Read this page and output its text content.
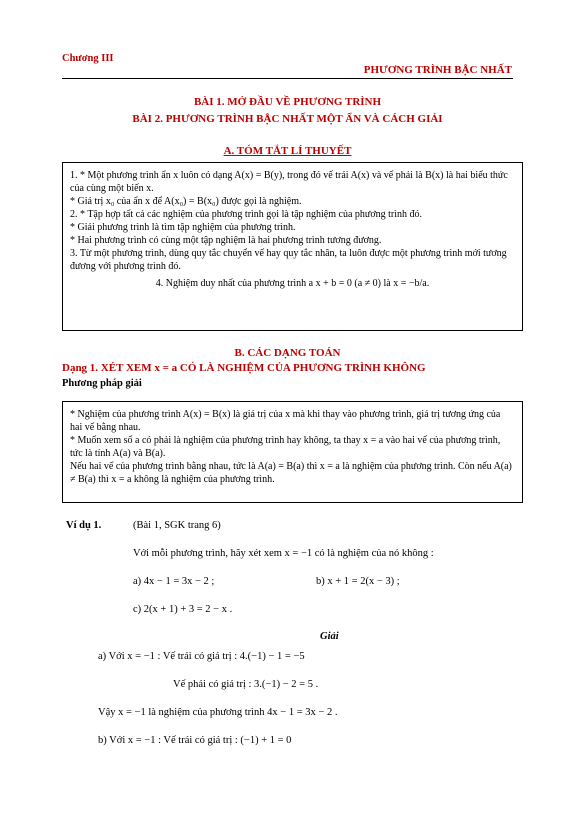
Chương III
PHƯƠNG TRÌNH BẬC NHẤT
BÀI 1. MỞ ĐẦU VỀ PHƯƠNG TRÌNH
BÀI 2. PHƯƠNG TRÌNH BẬC NHẤT MỘT ẨN VÀ CÁCH GIẢI
A. TÓM TẮT LÍ THUYẾT

1. * Một phương trình ẩn x luôn có dạng A(x) = B(y), trong đó vế trái A(x) và vế phải là B(x) là hai biểu thức của cùng một biến x.

* Giá trị x₀ của ẩn x để A(x₀) = B(x₀) được gọi là nghiệm.

2. * Tập hợp tất cả các nghiệm của phương trình gọi là tập nghiệm của phương trình đó.

* Giải phương trình là tìm tập nghiệm của phương trình.

* Hai phương trình có cùng một tập nghiệm là hai phương trình tương đương.

3. Từ một phương trình, dùng quy tắc chuyển vế hay quy tắc nhân, ta luôn được một phương trình mới tương đương với phương trình đó.

4. Nghiệm duy nhất của phương trình a x + b = 0 (a ≠ 0) là x = −b/a.

B. CÁC DẠNG TOÁN
Dạng 1. XÉT XEM x = a CÓ LÀ NGHIỆM CỦA PHƯƠNG TRÌNH KHÔNG
Phương pháp giải

* Nghiệm của phương trình A(x) = B(x) là giá trị của x mà khi thay vào phương trình, giá trị tương ứng của hai vế bằng nhau.

* Muốn xem số a có phải là nghiệm của phương trình hay không, ta thay x = a vào hai vế của phương trình, tức là tính A(a) và B(a).

Nếu hai vế của phương trình bằng nhau, tức là A(a) = B(a) thì x = a là nghiệm của phương trình. Còn nếu A(a) ≠ B(a) thì x = a không là nghiệm của phương trình.

Ví dụ 1.	(Bài 1, SGK trang 6)
Với mỗi phương trình, hãy xét xem x = −1 có là nghiệm của nó không :
a) 4x − 1 = 3x − 2 ;	b) x + 1 = 2(x − 3) ;
c) 2(x + 1) + 3 = 2 − x .
Giải
a) Với x = −1 : Vế trái có giá trị : 4.(−1) − 1 = −5
Vế phải có giá trị : 3.(−1) − 2 = 5 .
Vậy x = −1 là nghiệm của phương trình 4x − 1 = 3x − 2 .
b) Với x = −1 : Vế trái có giá trị : (−1) + 1 = 0
